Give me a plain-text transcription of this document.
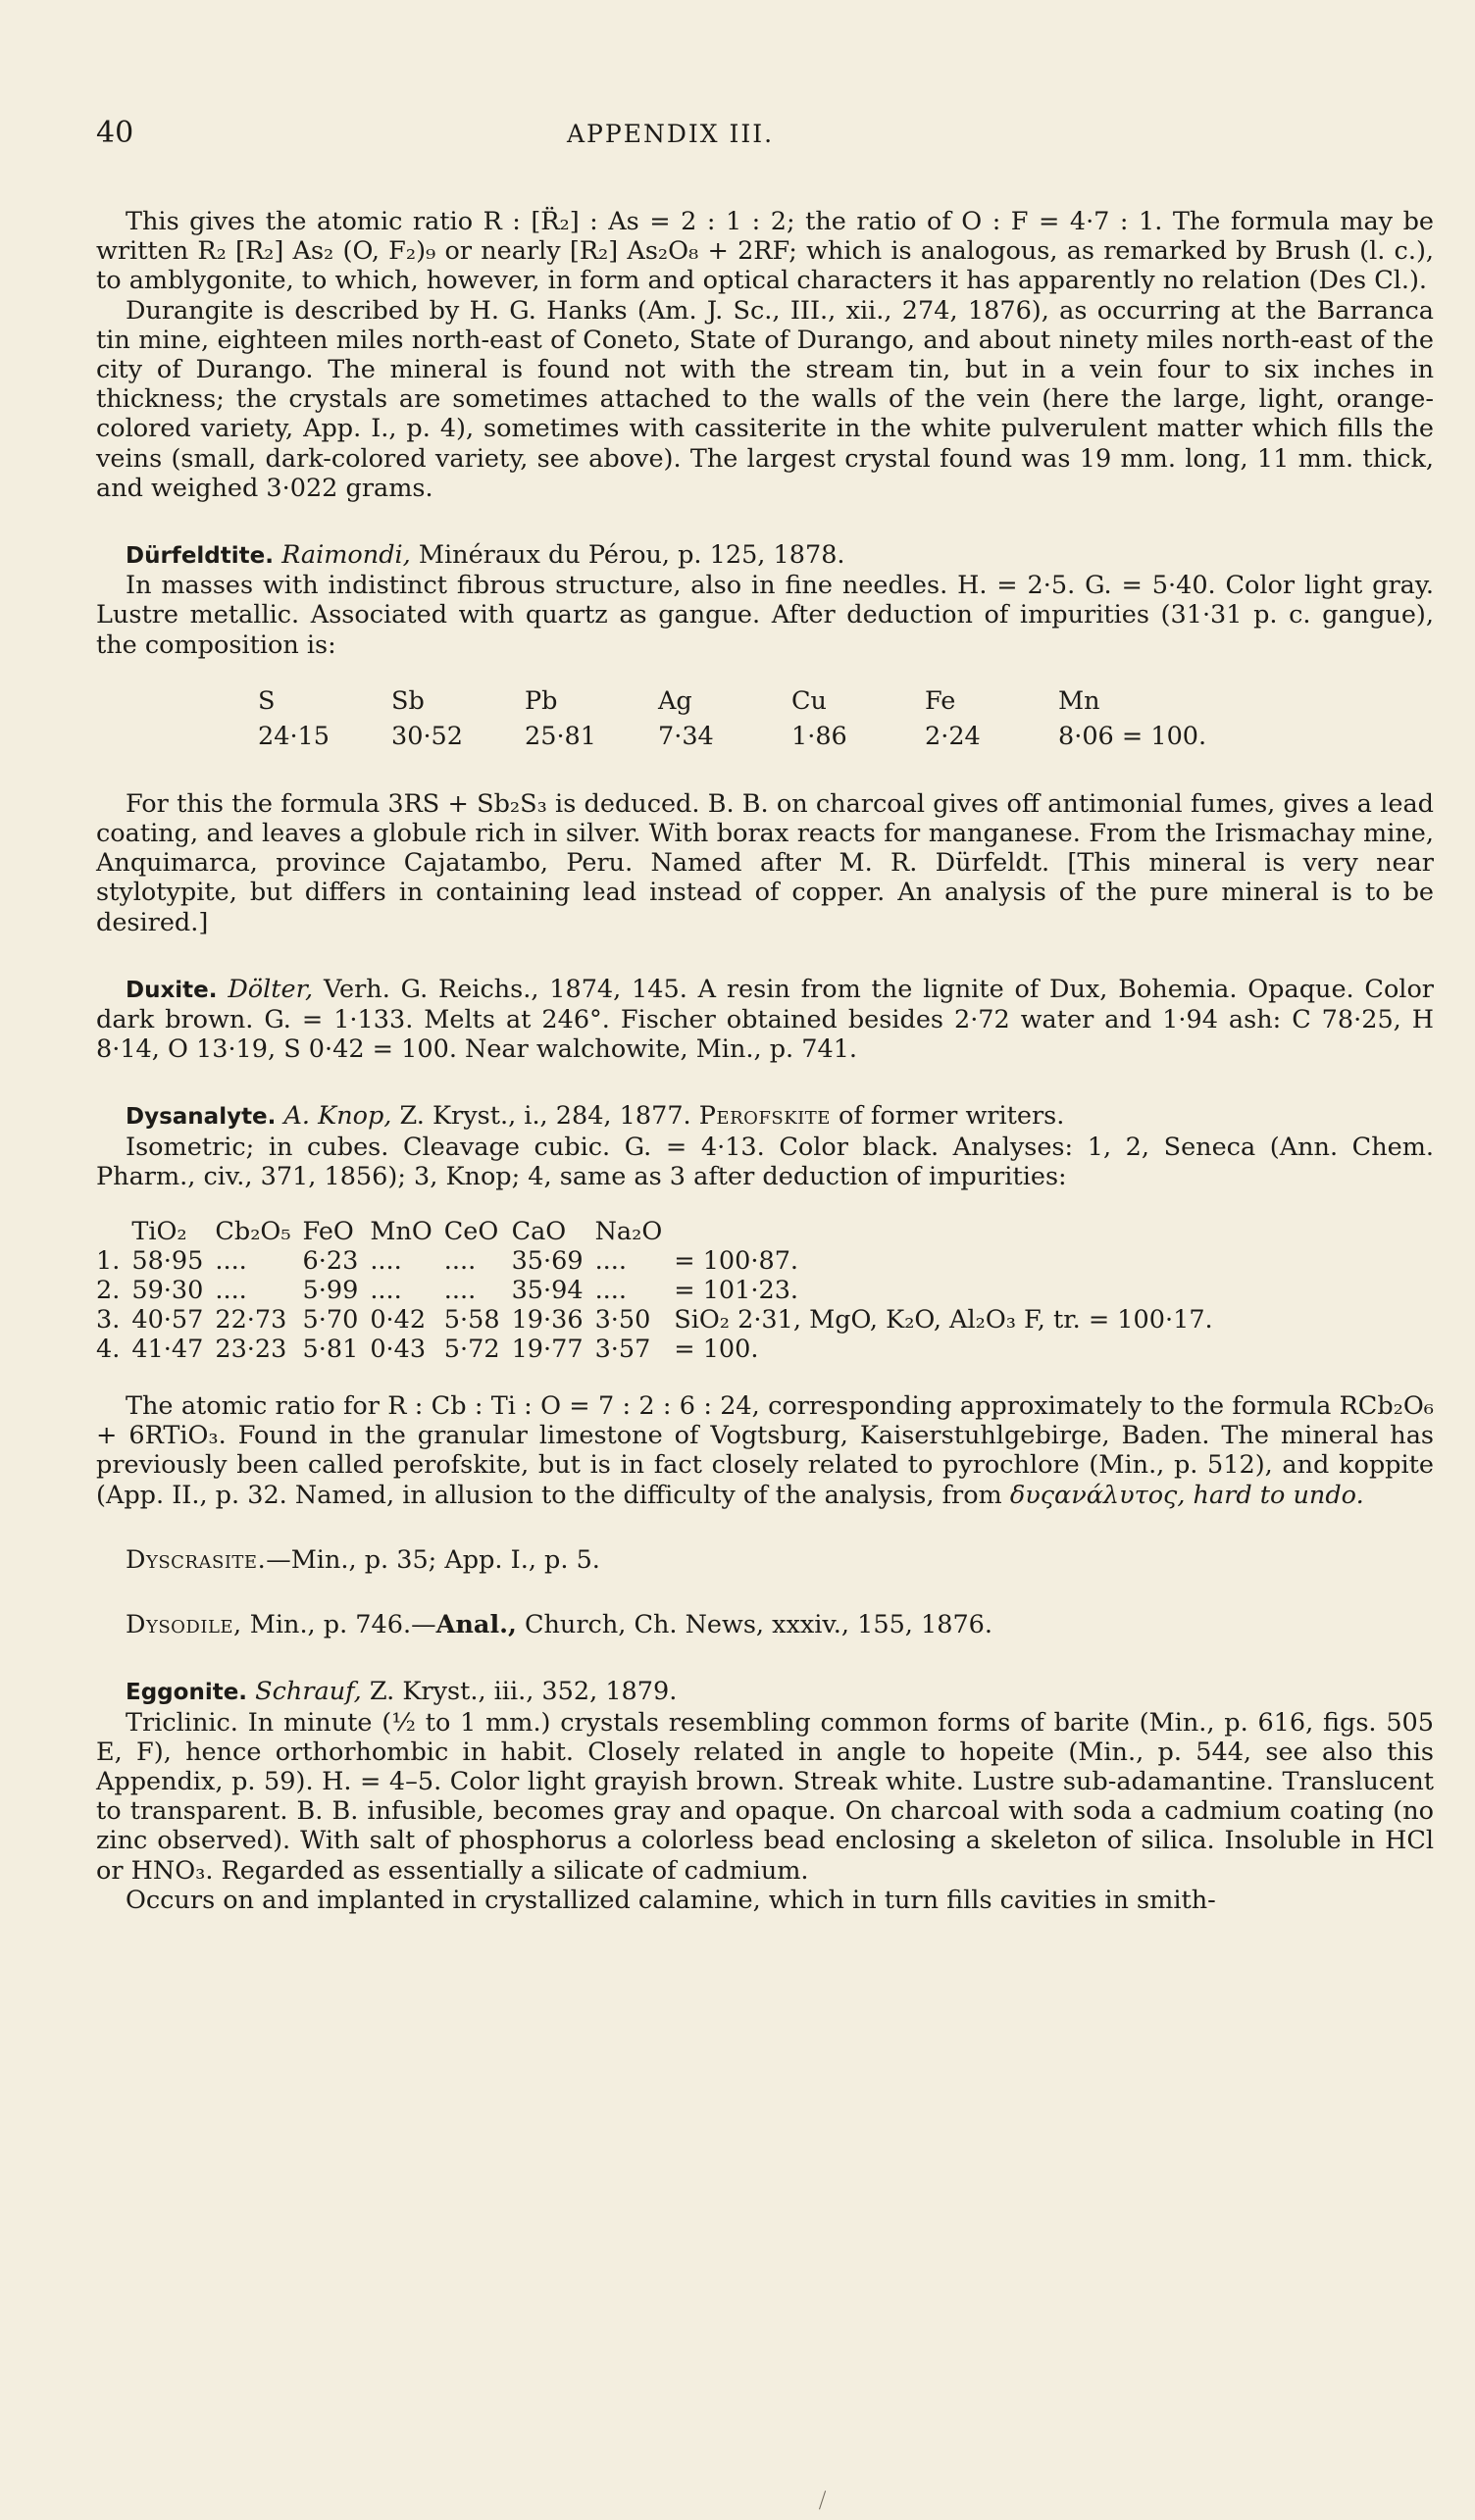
40	APPENDIX III.

This gives the atomic ratio R : [R̈₂] : As = 2 : 1 : 2; the ratio of O : F = 4·7 : 1. The formula may be written R₂ [R₂] As₂ (O, F₂)₉ or nearly [R₂] As₂O₈ + 2RF; which is analogous, as remarked by Brush (l. c.), to amblygonite, to which, however, in form and optical characters it has apparently no relation (Des Cl.).

Durangite is described by H. G. Hanks (Am. J. Sc., III., xii., 274, 1876), as occurring at the Barranca tin mine, eighteen miles north-east of Coneto, State of Durango, and about ninety miles north-east of the city of Durango. The mineral is found not with the stream tin, but in a vein four to six inches in thickness; the crystals are sometimes attached to the walls of the vein (here the large, light, orange-colored variety, App. I., p. 4), sometimes with cassiterite in the white pulverulent matter which fills the veins (small, dark-colored variety, see above). The largest crystal found was 19 mm. long, 11 mm. thick, and weighed 3·022 grams.

Dürfeldtite. Raimondi, Minéraux du Pérou, p. 125, 1878.

In masses with indistinct fibrous structure, also in fine needles. H. = 2·5. G. = 5·40. Color light gray. Lustre metallic. Associated with quartz as gangue. After deduction of impurities (31·31 p. c. gangue), the composition is:

S	Sb	Pb	Ag	Cu	Fe	Mn
24·15	30·52	25·81	7·34	1·86	2·24	8·06 = 100.

For this the formula 3RS + Sb₂S₃ is deduced. B. B. on charcoal gives off antimonial fumes, gives a lead coating, and leaves a globule rich in silver. With borax reacts for manganese. From the Irismachay mine, Anquimarca, province Cajatambo, Peru. Named after M. R. Dürfeldt. [This mineral is very near stylotypite, but differs in containing lead instead of copper. An analysis of the pure mineral is to be desired.]

Duxite. Dölter, Verh. G. Reichs., 1874, 145. A resin from the lignite of Dux, Bohemia. Opaque. Color dark brown. G. = 1·133. Melts at 246°. Fischer obtained besides 2·72 water and 1·94 ash: C 78·25, H 8·14, O 13·19, S 0·42 = 100. Near walchowite, Min., p. 741.

Dysanalyte. A. Knop, Z. Kryst., i., 284, 1877. Perofskite of former writers.

Isometric; in cubes. Cleavage cubic. G. = 4·13. Color black. Analyses: 1, 2, Seneca (Ann. Chem. Pharm., civ., 371, 1856); 3, Knop; 4, same as 3 after deduction of impurities:

	TiO₂	Cb₂O₅	FeO	MnO	CeO	CaO	Na₂O	
1.	58·95	....	6·23	....	....	35·69	....	= 100·87.
2.	59·30	....	5·99	....	....	35·94	....	= 101·23.
3.	40·57	22·73	5·70	0·42	5·58	19·36	3·50	SiO₂ 2·31, MgO, K₂O, Al₂O₃ F, tr. = 100·17.
4.	41·47	23·23	5·81	0·43	5·72	19·77	3·57	= 100.

The atomic ratio for R : Cb : Ti : O = 7 : 2 : 6 : 24, corresponding approximately to the formula RCb₂O₆ + 6RTiO₃. Found in the granular limestone of Vogtsburg, Kaiserstuhlgebirge, Baden. The mineral has previously been called perofskite, but is in fact closely related to pyrochlore (Min., p. 512), and koppite (App. II., p. 32. Named, in allusion to the difficulty of the analysis, from δυςανάλυτος, hard to undo.

Dyscrasite.—Min., p. 35; App. I., p. 5.

Dysodile, Min., p. 746.—Anal., Church, Ch. News, xxxiv., 155, 1876.

Eggonite. Schrauf, Z. Kryst., iii., 352, 1879.

Triclinic. In minute (½ to 1 mm.) crystals resembling common forms of barite (Min., p. 616, figs. 505 E, F), hence orthorhombic in habit. Closely related in angle to hopeite (Min., p. 544, see also this Appendix, p. 59). H. = 4–5. Color light grayish brown. Streak white. Lustre sub-adamantine. Translucent to transparent. B. B. infusible, becomes gray and opaque. On charcoal with soda a cadmium coating (no zinc observed). With salt of phosphorus a colorless bead enclosing a skeleton of silica. Insoluble in HCl or HNO₃. Regarded as essentially a silicate of cadmium.

Occurs on and implanted in crystallized calamine, which in turn fills cavities in smith-
